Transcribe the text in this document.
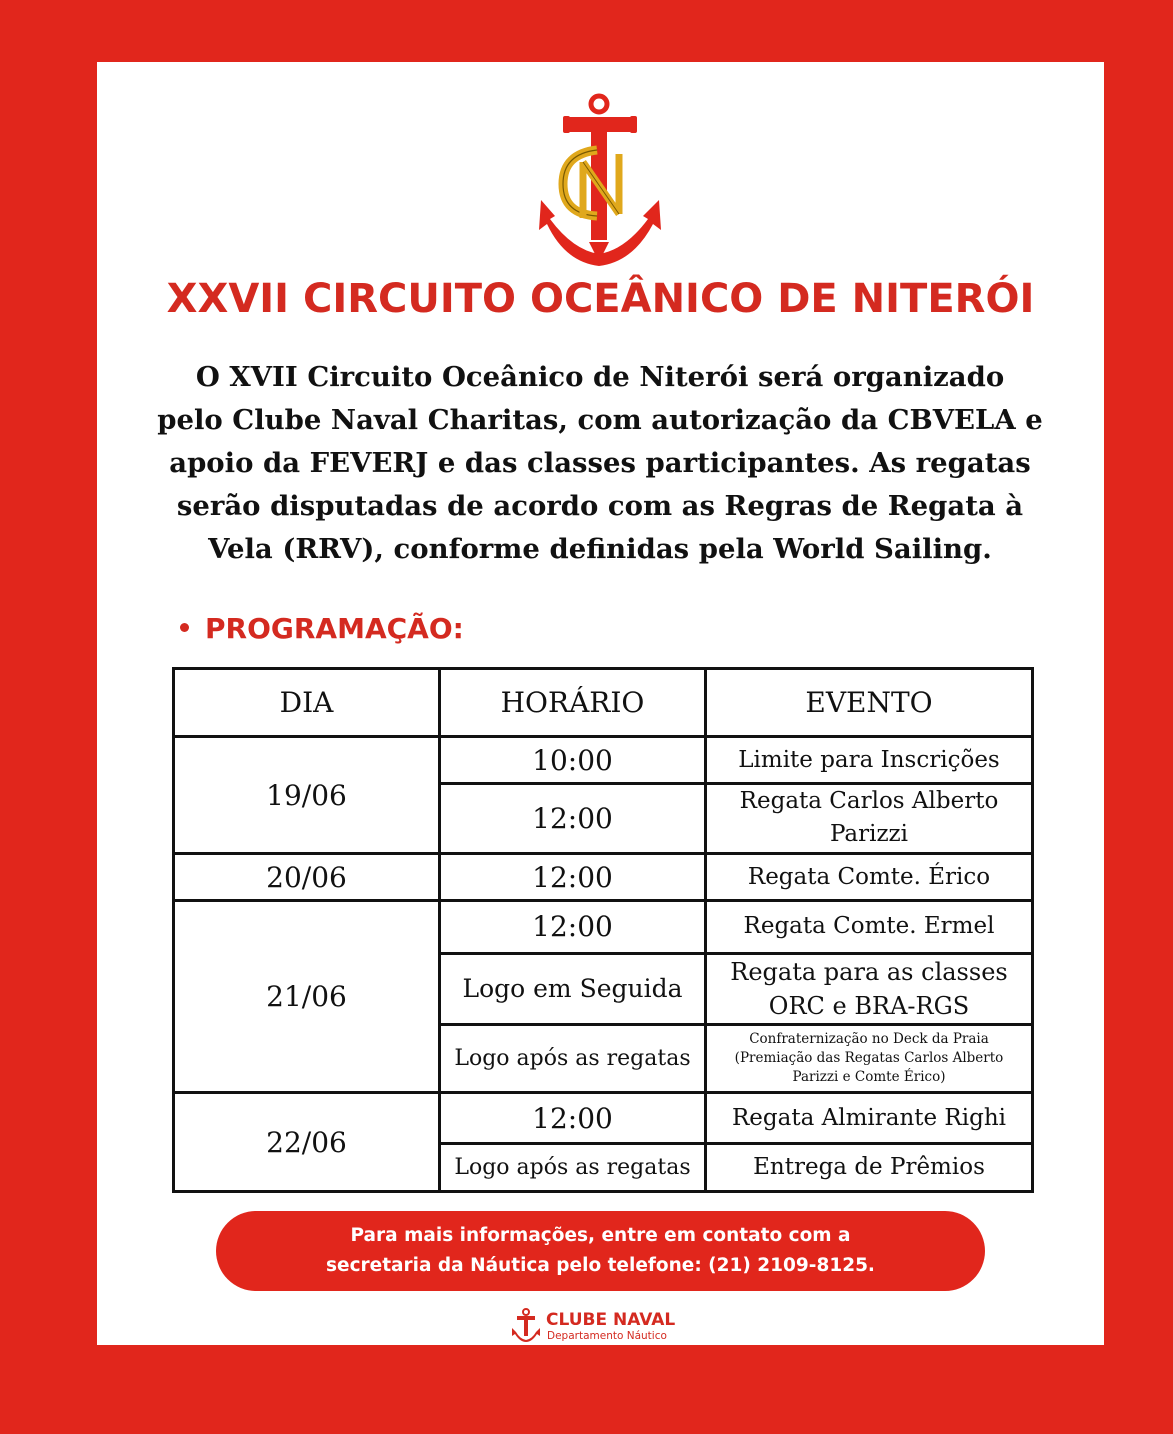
XXVII CIRCUITO OCEÂNICO DE NITERÓI
O XVII Circuito Oceânico de Niterói será organizado
pelo Clube Naval Charitas, com autorização da CBVELA e
apoio da FEVERJ e das classes participantes. As regatas
serão disputadas de acordo com as Regras de Regata à
Vela (RRV), conforme definidas pela World Sailing.
PROGRAMAÇÃO:
DIA	HORÁRIO	EVENTO
19/06	10:00	Limite para Inscrições
	12:00	Regata Carlos Alberto
Parizzi

20/06	12:00	Regata Comte. Érico
21/06	12:00	Regata Comte. Ermel
	Logo em Seguida	Regata para as classes
ORC e BRA-RGS

	Logo após as regatas	Confraternização no Deck da Praia
(Premiação das Regatas Carlos Alberto
Parizzi e Comte Érico)

22/06	12:00	Regata Almirante Righi
	Logo após as regatas	Entrega de Prêmios
Para mais informações, entre em contato com a
secretaria da Náutica pelo telefone: (21) 2109-8125.
CLUBE NAVAL
Departamento Náutico
